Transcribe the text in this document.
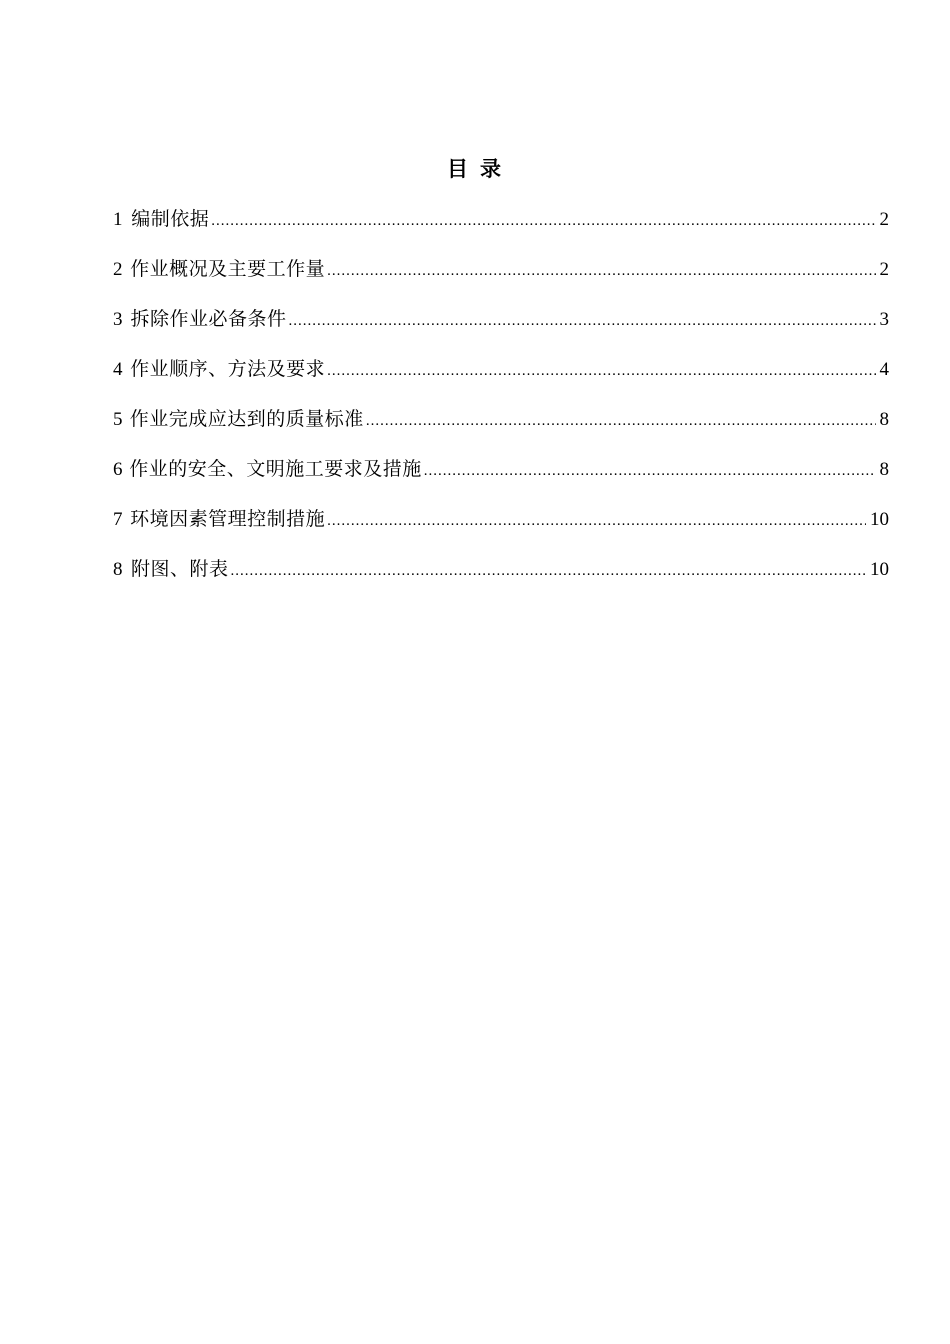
目 录
1 编制依据 .....	2
2 作业概况及主要工作量 .....	2
3 拆除作业必备条件 .....	3
4 作业顺序、方法及要求 .....	4
5 作业完成应达到的质量标准 .....	8
6 作业的安全、文明施工要求及措施 .....	8
7 环境因素管理控制措施 .....	10
8 附图、附表 .....	10
